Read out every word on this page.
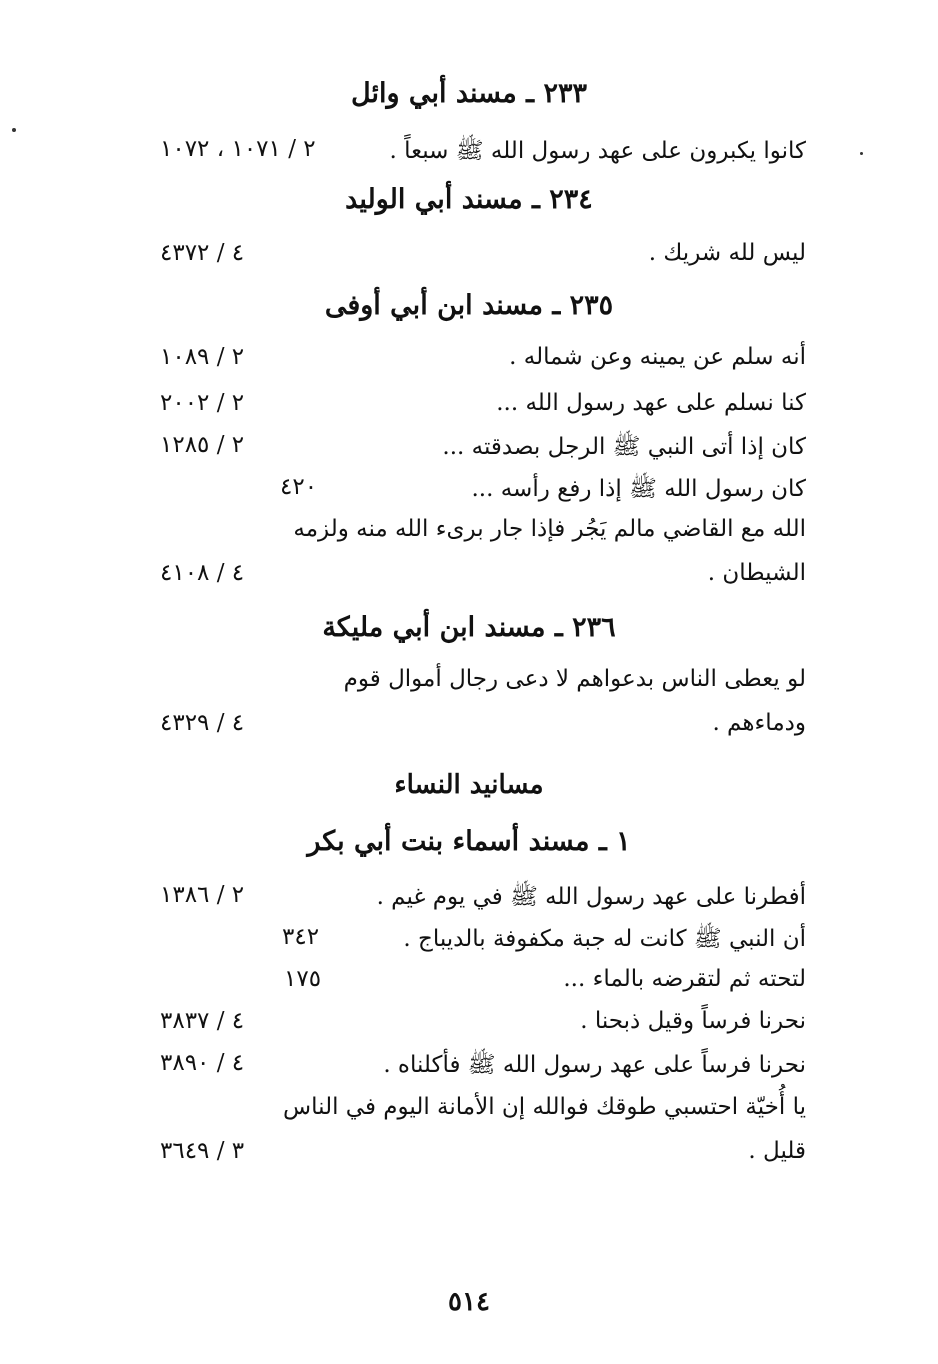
٢٣٣ ـ مسند أبي وائل
كانوا يكبرون على عهد رسول الله ﷺ سبعاً .
٢ / ١٠٧١ ، ١٠٧٢
٢٣٤ ـ مسند أبي الوليد
ليس لله شريك .
٤ / ٤٣٧٢
٢٣٥ ـ مسند ابن أبي أوفى
أنه سلم عن يمينه وعن شماله .
٢ / ١٠٨٩
كنا نسلم على عهد رسول الله ...
٢ / ٢٠٠٢
كان إذا أتى النبي ﷺ الرجل بصدقته ...
٢ / ١٢٨٥
كان رسول الله ﷺ إذا رفع رأسه ...
٤٢٠
الله مع القاضي مالم يَجُر فإذا جار برىء الله منه ولزمه
الشيطان .
٤ / ٤١٠٨
٢٣٦ ـ مسند ابن أبي مليكة
لو يعطى الناس بدعواهم لا دعى رجال أموال قوم
ودماءهم .
٤ / ٤٣٢٩
مسانيد النساء
١ ـ مسند أسماء بنت أبي بكر
أفطرنا على عهد رسول الله ﷺ في يوم غيم .
٢ / ١٣٨٦
أن النبي ﷺ كانت له جبة مكفوفة بالديباج .
٣٤٢
لتحته ثم لتقرضه بالماء ...
١٧٥
نحرنا فرساً وقيل ذبحنا .
٤ / ٣٨٣٧
نحرنا فرساً على عهد رسول الله ﷺ فأكلناه .
٤ / ٣٨٩٠
يا أُخيّة احتسبي طوقك فوالله إن الأمانة اليوم في الناس
قليل .
٣ / ٣٦٤٩
٥١٤
